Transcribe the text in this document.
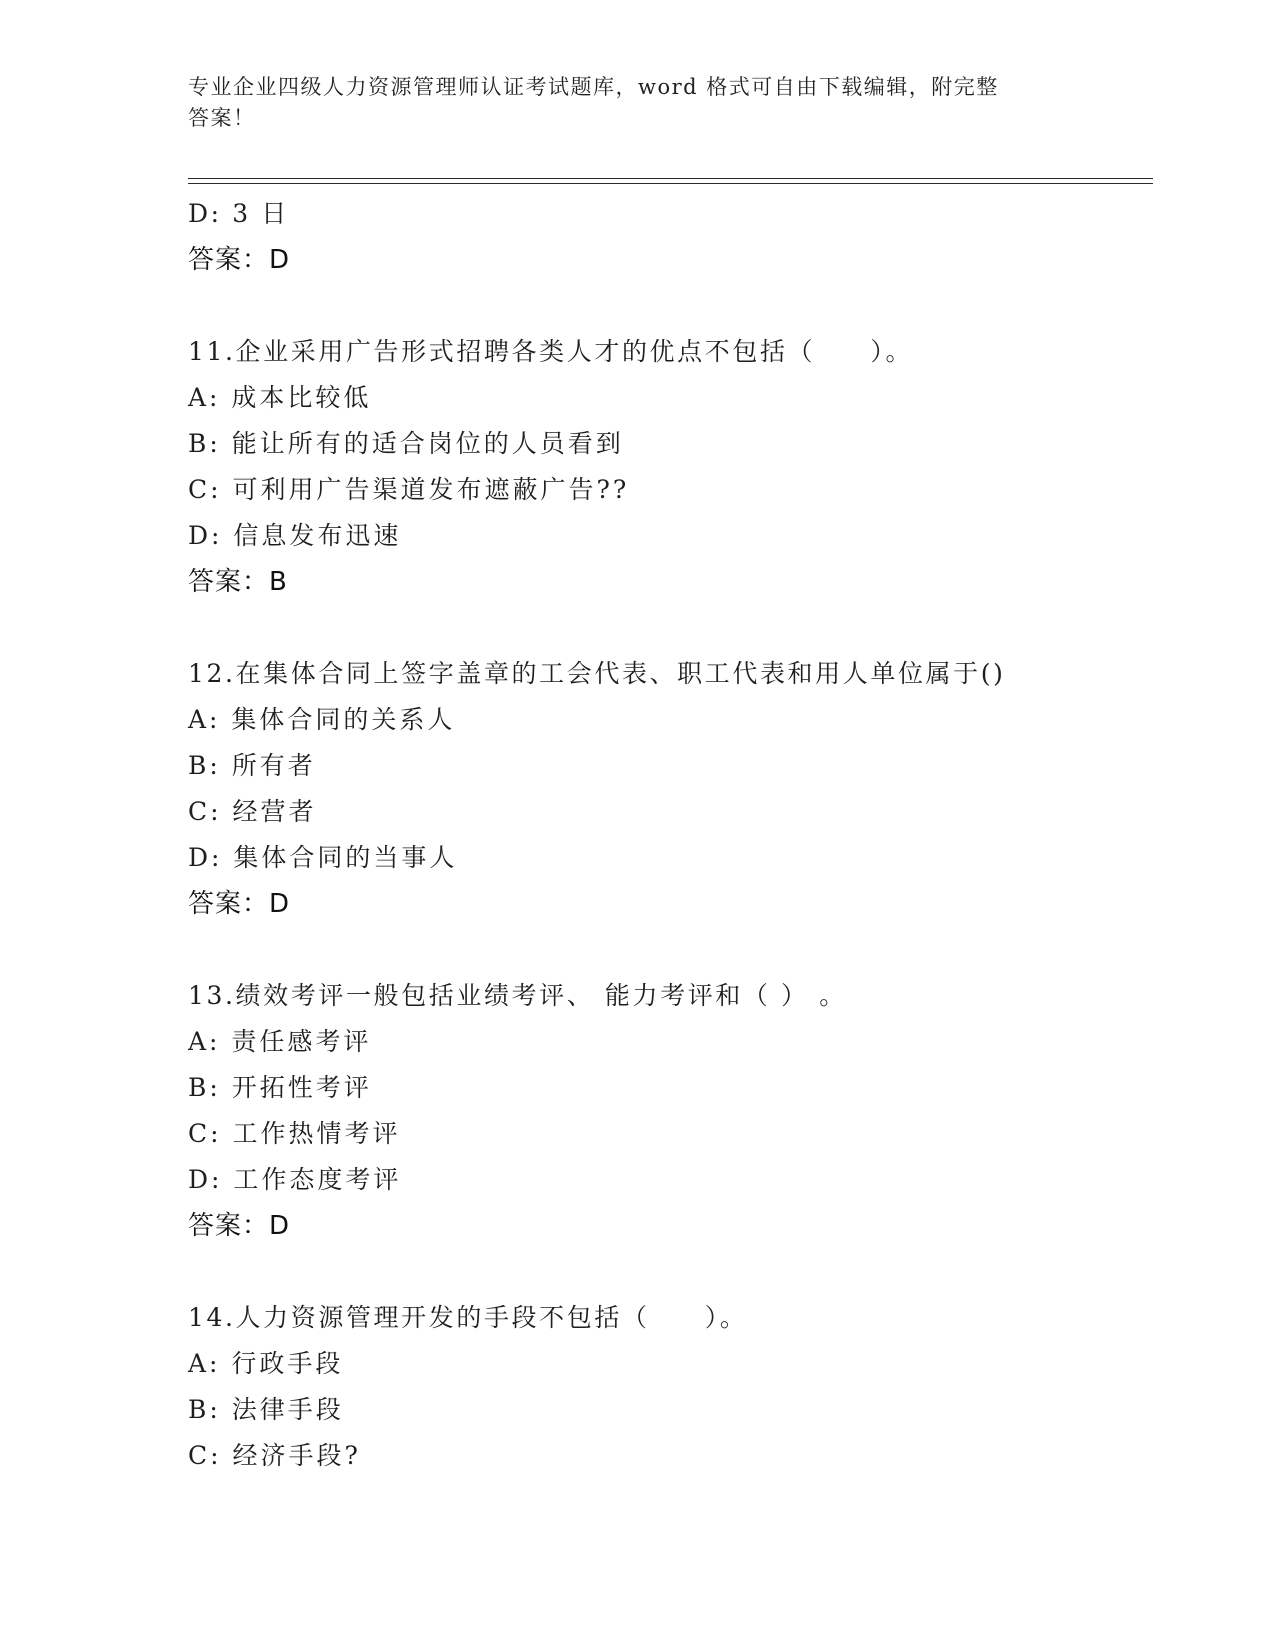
专业企业四级人力资源管理师认证考试题库，word 格式可自由下载编辑，附完整
答案！
D: 3 日
答案：D
11.企业采用广告形式招聘各类人才的优点不包括（　　）。
A: 成本比较低
B: 能让所有的适合岗位的人员看到
C: 可利用广告渠道发布遮蔽广告??
D: 信息发布迅速
答案：B
12.在集体合同上签字盖章的工会代表、职工代表和用人单位属于()
A: 集体合同的关系人
B: 所有者
C: 经营者
D: 集体合同的当事人
答案：D
13.绩效考评一般包括业绩考评、 能力考评和（ ） 。
A: 责任感考评
B: 开拓性考评
C: 工作热情考评
D: 工作态度考评
答案：D
14.人力资源管理开发的手段不包括（　　）。
A: 行政手段
B: 法律手段
C: 经济手段?
